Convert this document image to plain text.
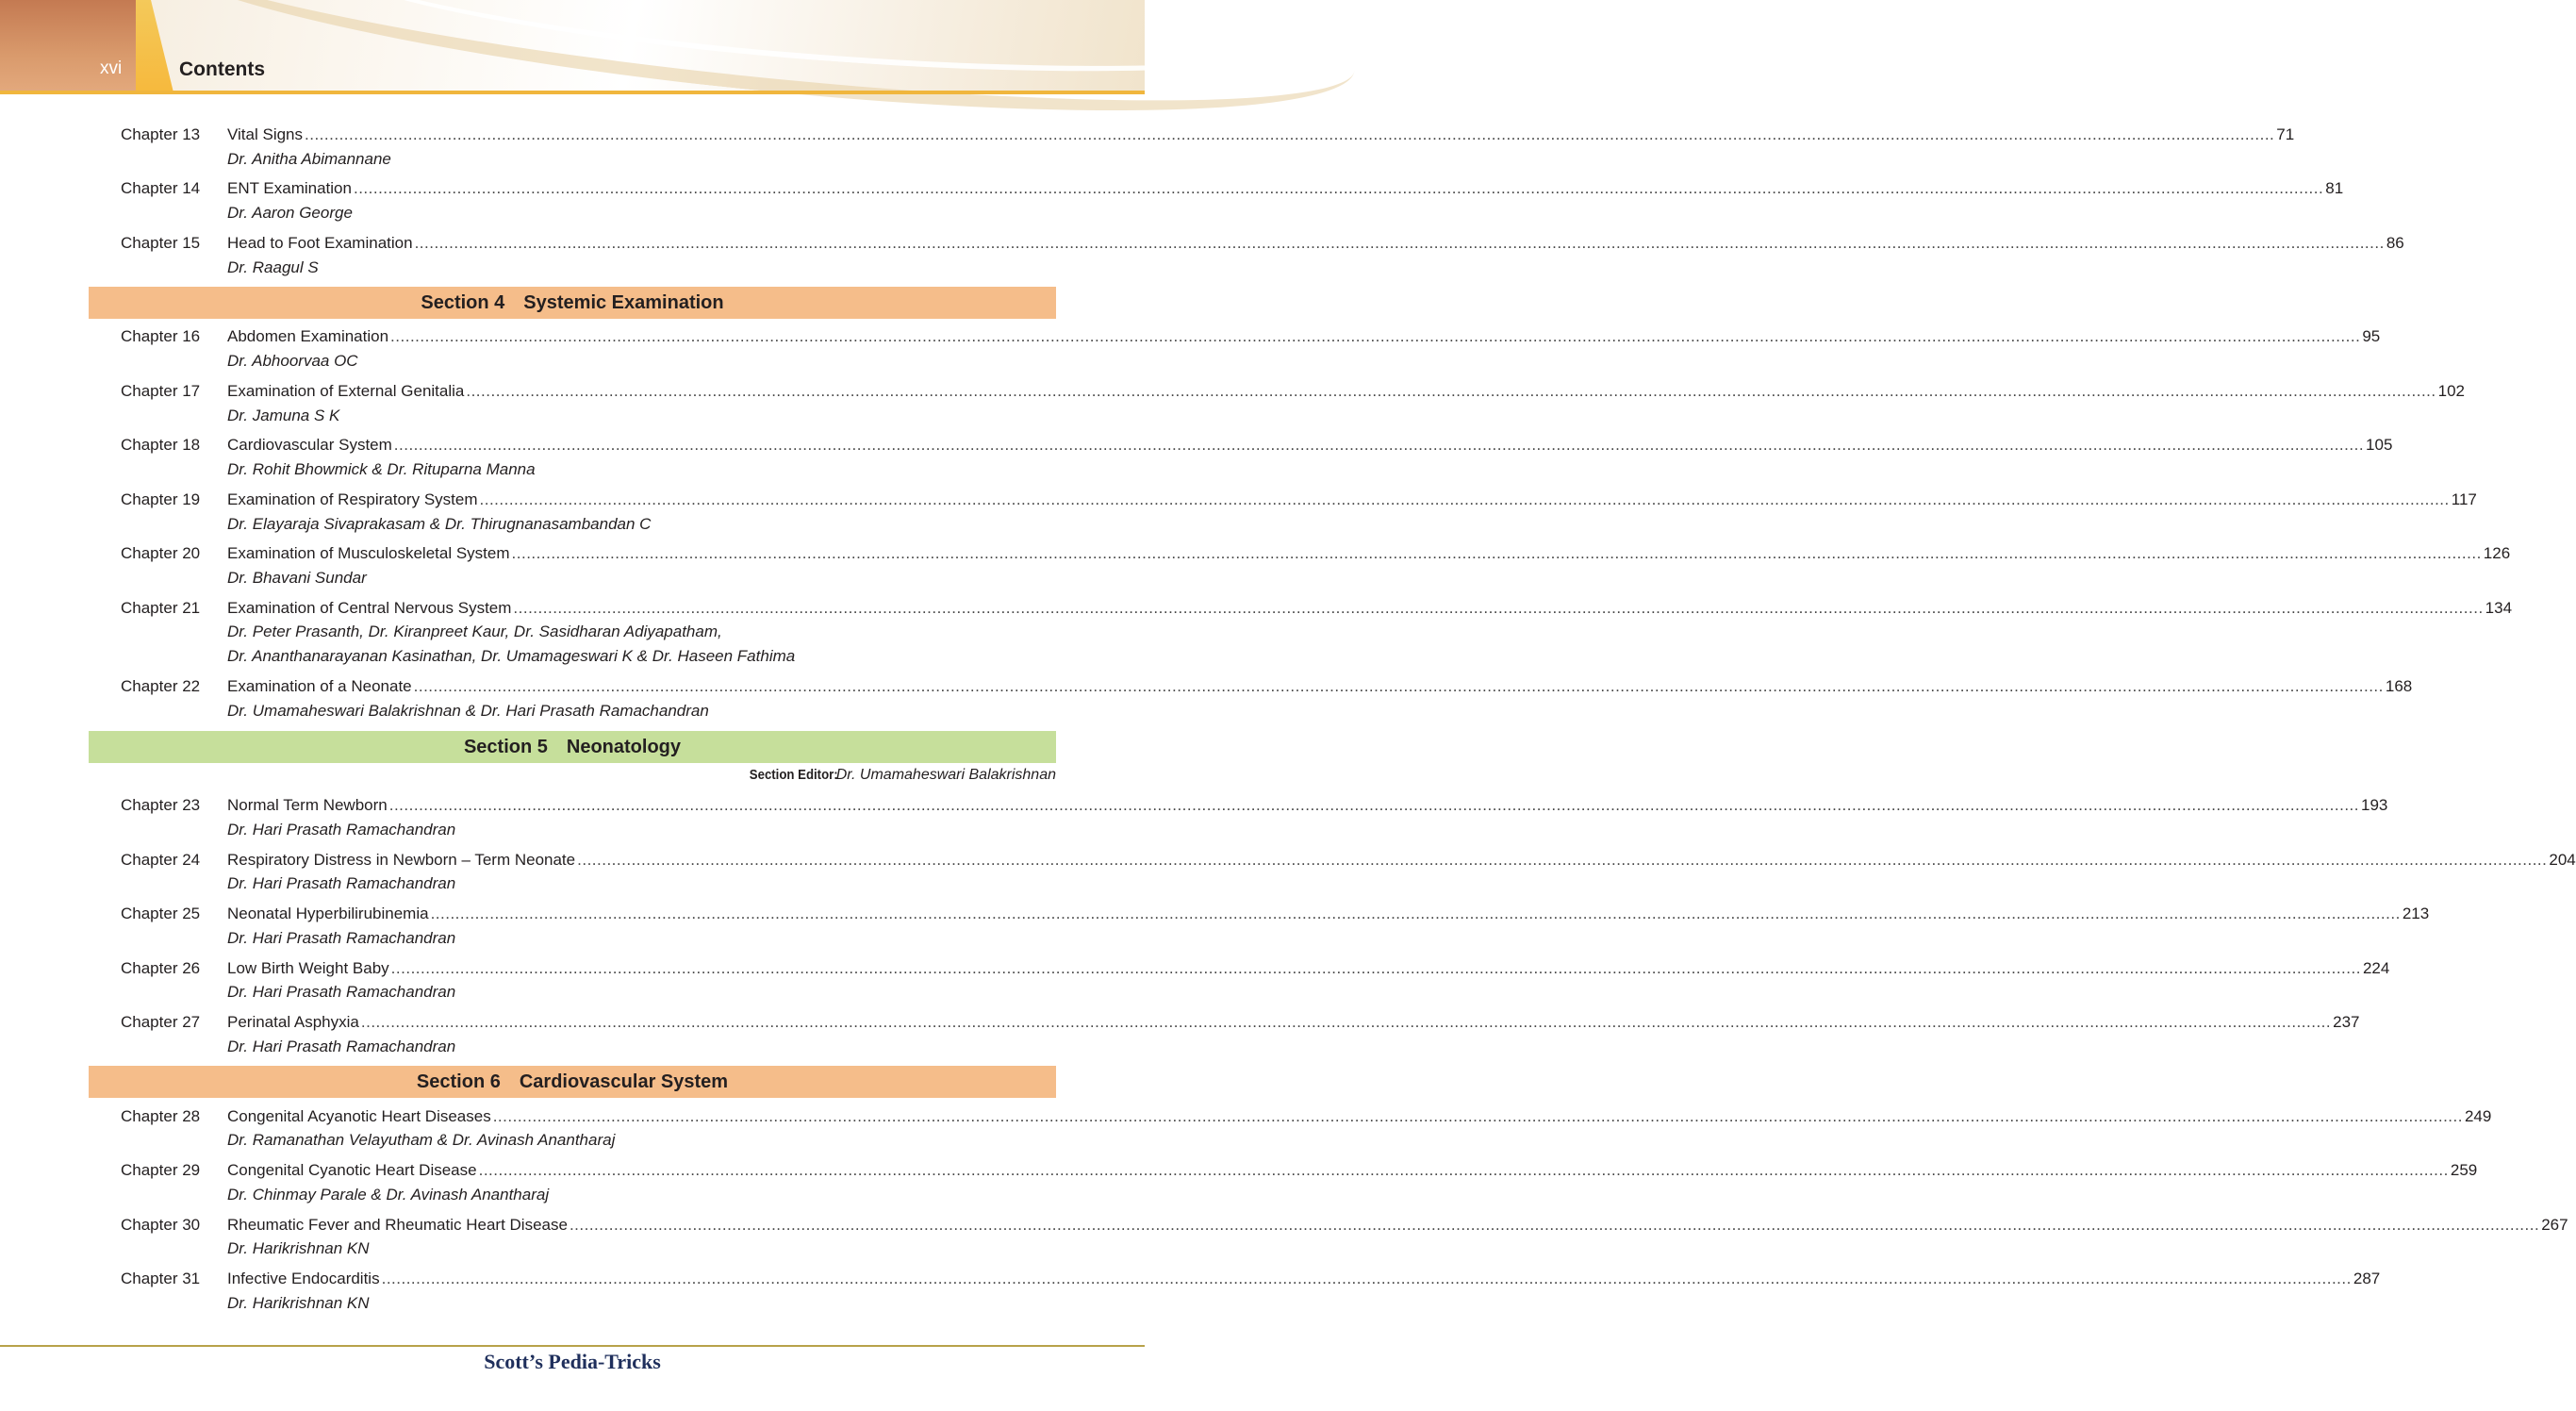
xvi	Contents
Chapter 13 Vital Signs ................................................................................................................................................................................................................................................................................................................................................................................................................ 71
Dr. Anitha Abimannane
Chapter 14 ENT Examination ................................................................................................................................................................................................................................................................................................................................................................................................................ 81
Dr. Aaron George
Chapter 15 Head to Foot Examination ................................................................................................................................................................................................................................................................................................................................................................................................................ 86
Dr. Raagul S
Section 4 Systemic Examination
Chapter 16 Abdomen Examination ................................................................................................................................................................................................................................................................................................................................................................................................................ 95
Dr. Abhoorvaa OC
Chapter 17 Examination of External Genitalia ................................................................................................................................................................................................................................................................................................................................................................................................................ 102
Dr. Jamuna S K
Chapter 18 Cardiovascular System ................................................................................................................................................................................................................................................................................................................................................................................................................ 105
Dr. Rohit Bhowmick & Dr. Rituparna Manna
Chapter 19 Examination of Respiratory System ................................................................................................................................................................................................................................................................................................................................................................................................................ 117
Dr. Elayaraja Sivaprakasam & Dr. Thirugnanasambandan C
Chapter 20 Examination of Musculoskeletal System ................................................................................................................................................................................................................................................................................................................................................................................................................ 126
Dr. Bhavani Sundar
Chapter 21 Examination of Central Nervous System ................................................................................................................................................................................................................................................................................................................................................................................................................ 134
Dr. Peter Prasanth, Dr. Kiranpreet Kaur, Dr. Sasidharan Adiyapatham,
Dr. Ananthanarayanan Kasinathan, Dr. Umamageswari K & Dr. Haseen Fathima
Chapter 22 Examination of a Neonate ................................................................................................................................................................................................................................................................................................................................................................................................................ 168
Dr. Umamaheswari Balakrishnan & Dr. Hari Prasath Ramachandran
Section 5 Neonatology
Section Editor: Dr. Umamaheswari Balakrishnan
Chapter 23 Normal Term Newborn ................................................................................................................................................................................................................................................................................................................................................................................................................ 193
Dr. Hari Prasath Ramachandran
Chapter 24 Respiratory Distress in Newborn – Term Neonate ................................................................................................................................................................................................................................................................................................................................................................................................................ 204
Dr. Hari Prasath Ramachandran
Chapter 25 Neonatal Hyperbilirubinemia ................................................................................................................................................................................................................................................................................................................................................................................................................ 213
Dr. Hari Prasath Ramachandran
Chapter 26 Low Birth Weight Baby ................................................................................................................................................................................................................................................................................................................................................................................................................ 224
Dr. Hari Prasath Ramachandran
Chapter 27 Perinatal Asphyxia ................................................................................................................................................................................................................................................................................................................................................................................................................ 237
Dr. Hari Prasath Ramachandran
Section 6 Cardiovascular System
Chapter 28 Congenital Acyanotic Heart Diseases ................................................................................................................................................................................................................................................................................................................................................................................................................ 249
Dr. Ramanathan Velayutham & Dr. Avinash Anantharaj
Chapter 29 Congenital Cyanotic Heart Disease ................................................................................................................................................................................................................................................................................................................................................................................................................ 259
Dr. Chinmay Parale & Dr. Avinash Anantharaj
Chapter 30 Rheumatic Fever and Rheumatic Heart Disease ................................................................................................................................................................................................................................................................................................................................................................................................................ 267
Dr. Harikrishnan KN
Chapter 31 Infective Endocarditis ................................................................................................................................................................................................................................................................................................................................................................................................................ 287
Dr. Harikrishnan KN
Scott’s Pedia-Tricks
